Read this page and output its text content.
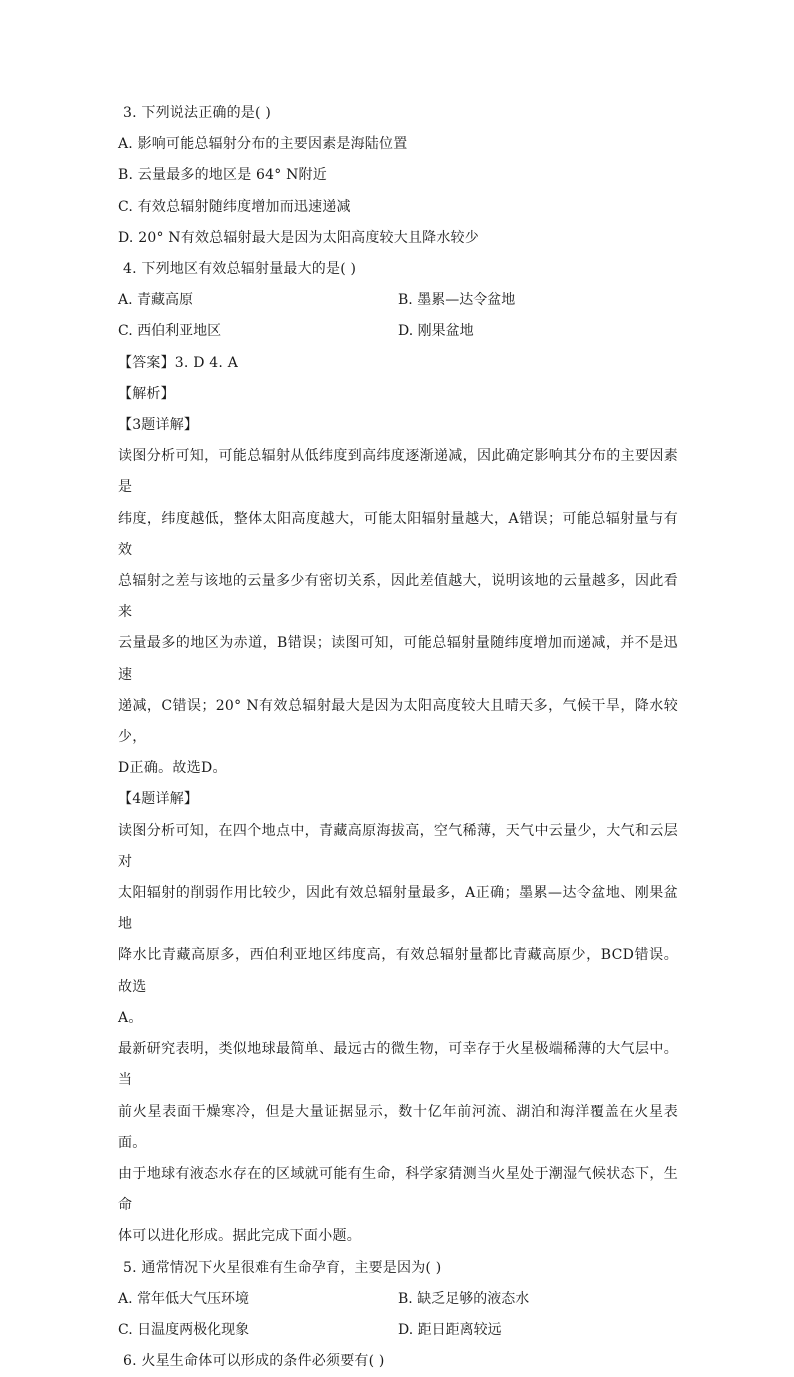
3. 下列说法正确的是( )
A. 影响可能总辐射分布的主要因素是海陆位置
B. 云量最多的地区是 64° N附近
C. 有效总辐射随纬度增加而迅速递减
D. 20° N有效总辐射最大是因为太阳高度较大且降水较少
4. 下列地区有效总辐射量最大的是( )
A. 青藏高原	B. 墨累—达令盆地
C. 西伯利亚地区	D. 刚果盆地
【答案】3. D 4. A
【解析】
【3题详解】
读图分析可知，可能总辐射从低纬度到高纬度逐渐递减，因此确定影响其分布的主要因素是
纬度，纬度越低，整体太阳高度越大，可能太阳辐射量越大，A错误；可能总辐射量与有效
总辐射之差与该地的云量多少有密切关系，因此差值越大，说明该地的云量越多，因此看来
云量最多的地区为赤道，B错误；读图可知，可能总辐射量随纬度增加而递减，并不是迅速
递减，C错误；20° N有效总辐射最大是因为太阳高度较大且晴天多，气候干旱，降水较少，
D正确。故选D。
【4题详解】
读图分析可知，在四个地点中，青藏高原海拔高，空气稀薄，天气中云量少，大气和云层对
太阳辐射的削弱作用比较少，因此有效总辐射量最多，A正确；墨累—达令盆地、刚果盆地
降水比青藏高原多，西伯利亚地区纬度高，有效总辐射量都比青藏高原少，BCD错误。故选
A。
最新研究表明，类似地球最简单、最远古的微生物，可幸存于火星极端稀薄的大气层中。当
前火星表面干燥寒冷，但是大量证据显示，数十亿年前河流、湖泊和海洋覆盖在火星表面。
由于地球有液态水存在的区域就可能有生命，科学家猜测当火星处于潮湿气候状态下，生命
体可以进化形成。据此完成下面小题。
5. 通常情况下火星很难有生命孕育，主要是因为( )
A. 常年低大气压环境	B. 缺乏足够的液态水
C. 日温度两极化现象	D. 距日距离较远
6. 火星生命体可以形成的条件必须要有( )
